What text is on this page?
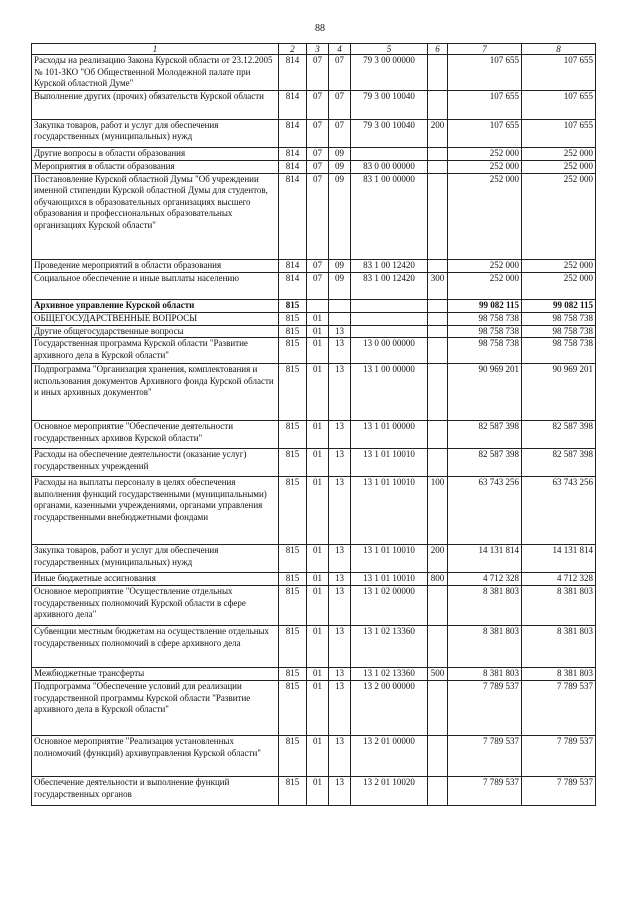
88
1	2	3	4	5	6	7	8
Расходы на реализацию Закона Курской области от 23.12.2005 № 101-ЗКО "Об Общественной Молодежной палате при Курской областной Думе"	814	07	07	79 3 00 00000		107 655	107 655
Выполнение других (прочих) обязательств Курской области	814	07	07	79 3 00 10040		107 655	107 655
Закупка товаров, работ и услуг для обеспечения государственных (муниципальных) нужд	814	07	07	79 3 00 10040	200	107 655	107 655
Другие вопросы в области образования	814	07	09			252 000	252 000
Мероприятия в области образования	814	07	09	83 0 00 00000		252 000	252 000
Постановление Курской областной Думы "Об учреждении именной стипендии Курской областной Думы для студентов, обучающихся в образовательных организациях высшего образования и профессиональных образовательных организациях Курской области"	814	07	09	83 1 00 00000		252 000	252 000
Проведение мероприятий в области образования	814	07	09	83 1 00 12420		252 000	252 000
Социальное обеспечение и иные выплаты населению	814	07	09	83 1 00 12420	300	252 000	252 000
Архивное управление Курской области	815					99 082 115	99 082 115
ОБЩЕГОСУДАРСТВЕННЫЕ ВОПРОСЫ	815	01				98 758 738	98 758 738
Другие общегосударственные вопросы	815	01	13			98 758 738	98 758 738
Государственная программа Курской области "Развитие архивного дела в Курской области"	815	01	13	13 0 00 00000		98 758 738	98 758 738
Подпрограмма "Организация хранения, комплектования и использования документов Архивного фонда Курской области и иных архивных документов"	815	01	13	13 1 00 00000		90 969 201	90 969 201
Основное мероприятие "Обеспечение деятельности государственных архивов Курской области"	815	01	13	13 1 01 00000		82 587 398	82 587 398
Расходы на обеспечение деятельности (оказание услуг) государственных учреждений	815	01	13	13 1 01 10010		82 587 398	82 587 398
Расходы на выплаты персоналу в целях обеспечения выполнения функций государственными (муниципальными) органами, казенными учреждениями, органами управления государственными внебюджетными фондами	815	01	13	13 1 01 10010	100	63 743 256	63 743 256
Закупка товаров, работ и услуг для обеспечения государственных (муниципальных) нужд	815	01	13	13 1 01 10010	200	14 131 814	14 131 814
Иные бюджетные ассигнования	815	01	13	13 1 01 10010	800	4 712 328	4 712 328
Основное мероприятие "Осуществление отдельных государственных полномочий Курской области в сфере архивного дела"	815	01	13	13 1 02 00000		8 381 803	8 381 803
Субвенции местным бюджетам на осуществление отдельных государственных полномочий в сфере архивного дела	815	01	13	13 1 02 13360		8 381 803	8 381 803
Межбюджетные трансферты	815	01	13	13 1 02 13360	500	8 381 803	8 381 803
Подпрограмма "Обеспечение условий для реализации государственной программы Курской области "Развитие архивного дела в Курской области"	815	01	13	13 2 00 00000		7 789 537	7 789 537
Основное мероприятие "Реализация установленных полномочий (функций) архивуправления Курской области"	815	01	13	13 2 01 00000		7 789 537	7 789 537
Обеспечение деятельности и выполнение функций государственных органов	815	01	13	13 2 01 10020		7 789 537	7 789 537
